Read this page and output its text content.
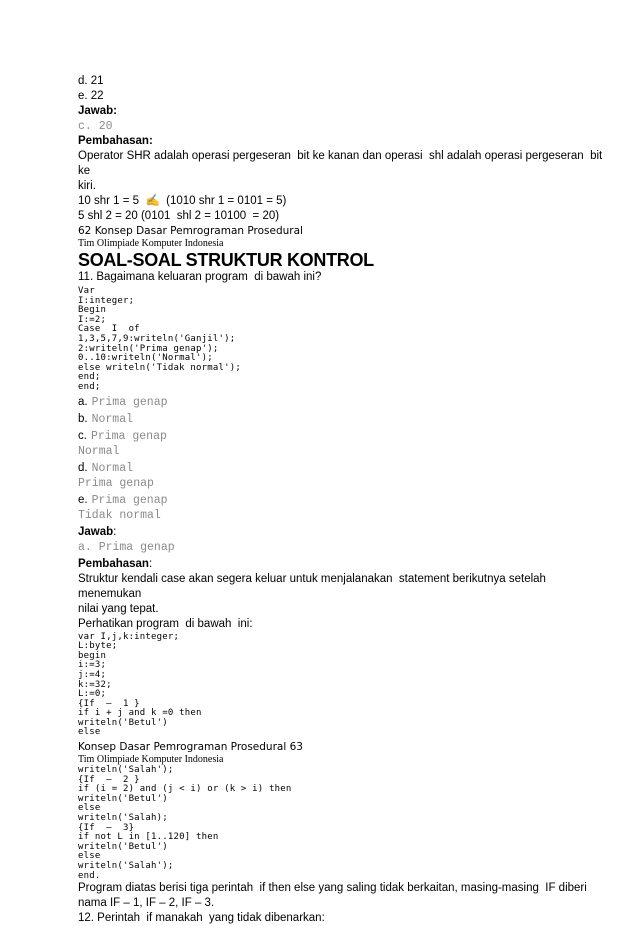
d. 21
e. 22
Jawab:
c. 20
Pembahasan:
Operator SHR adalah operasi pergeseran  bit ke kanan dan operasi  shl adalah operasi pergeseran  bit
ke
kiri.
10 shr 1 = 5  ✍  (1010 shr 1 = 0101 = 5)
5 shl 2 = 20 (0101  shl 2 = 10100  = 20)
62 Konsep Dasar Pemrograman Prosedural
Tim Olimpiade Komputer Indonesia
SOAL-SOAL STRUKTUR KONTROL
11. Bagaimana keluaran program  di bawah ini?
Var
I:integer;
Begin
I:=2;
Case  I  of
1,3,5,7,9:writeln('Ganjil');
2:writeln('Prima genap');
0..10:writeln('Normal');
else writeln('Tidak normal');
end;
end;
a. Prima genap
b. Normal
c. Prima genap
Normal
d. Normal
Prima genap
e. Prima genap
Tidak normal
Jawab:
a. Prima genap
Pembahasan:
Struktur kendali case akan segera keluar untuk menjalanakan  statement berikutnya setelah
menemukan
nilai yang tepat.
Perhatikan program  di bawah  ini:
var I,j,k:integer;
L:byte;
begin
i:=3;
j:=4;
k:=32;
L:=0;
{If  –  1 }
if i + j and k =0 then
writeln('Betul')
else
Konsep Dasar Pemrograman Prosedural 63
Tim Olimpiade Komputer Indonesia
writeln('Salah');
{If  –  2 }
if (i = 2) and (j < i) or (k > i) then
writeln('Betul')
else
writeln('Salah);
{If  –  3}
if not L in [1..120] then
writeln('Betul')
else
writeln('Salah');
end.
Program diatas berisi tiga perintah  if then else yang saling tidak berkaitan, masing-masing  IF diberi
nama IF – 1, IF – 2, IF – 3.
12. Perintah  if manakah  yang tidak dibenarkan:
